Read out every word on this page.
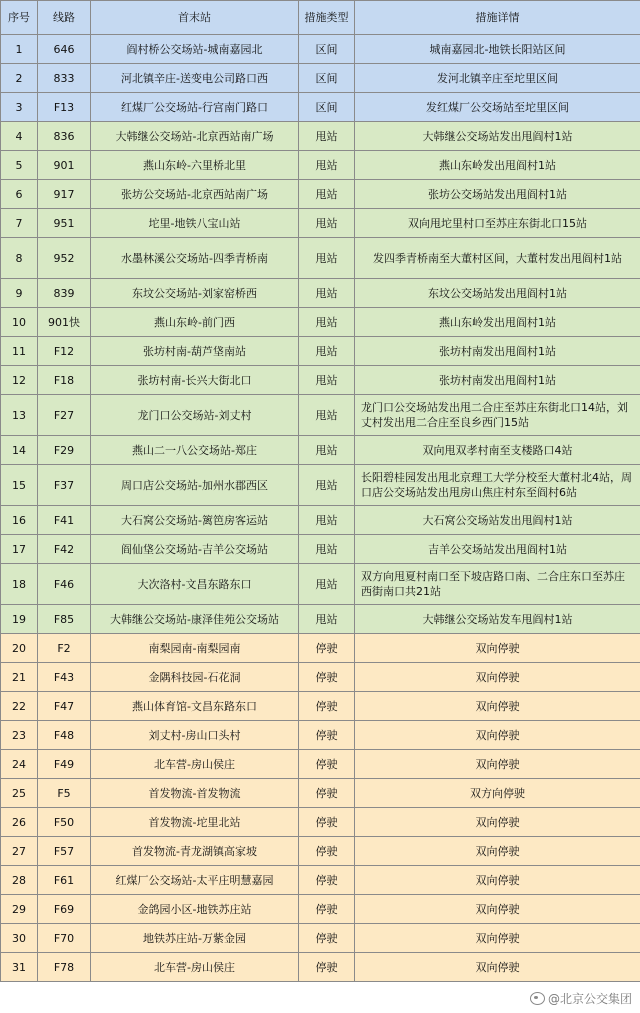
序号	线路	首末站	措施类型	措施详情
1	646	阎村桥公交场站-城南嘉园北	区间	城南嘉园北-地铁长阳站区间
2	833	河北镇辛庄-送变电公司路口西	区间	发河北镇辛庄至坨里区间
3	F13	红煤厂公交场站-行宫南门路口	区间	发红煤厂公交场站至坨里区间
4	836	大韩继公交场站-北京西站南广场	甩站	大韩继公交场站发出甩阎村1站
5	901	燕山东岭-六里桥北里	甩站	燕山东岭发出甩阎村1站
6	917	张坊公交场站-北京西站南广场	甩站	张坊公交场站发出甩阎村1站
7	951	坨里-地铁八宝山站	甩站	双向甩坨里村口至苏庄东街北口15站
8	952	水墨林溪公交场站-四季青桥南	甩站	发四季青桥南至大董村区间，大董村发出甩阎村1站
9	839	东坟公交场站-刘家窑桥西	甩站	东坟公交场站发出甩阎村1站
10	901快	燕山东岭-前门西	甩站	燕山东岭发出甩阎村1站
11	F12	张坊村南-葫芦垡南站	甩站	张坊村南发出甩阎村1站
12	F18	张坊村南-长兴大街北口	甩站	张坊村南发出甩阎村1站
13	F27	龙门口公交场站-刘丈村	甩站	龙门口公交场站发出甩二合庄至苏庄东街北口14站，刘丈村发出甩二合庄至良乡西门15站
14	F29	燕山二一八公交场站-郑庄	甩站	双向甩双孝村南至支楼路口4站
15	F37	周口店公交场站-加州水郡西区	甩站	长阳碧桂园发出甩北京理工大学分校至大董村北4站，周口店公交场站发出甩房山焦庄村东至阎村6站
16	F41	大石窝公交场站-篱笆房客运站	甩站	大石窝公交场站发出甩阎村1站
17	F42	阎仙垡公交场站-吉羊公交场站	甩站	吉羊公交场站发出甩阎村1站
18	F46	大次洛村-文昌东路东口	甩站	双方向甩夏村南口至下坡店路口南、二合庄东口至苏庄西街南口共21站
19	F85	大韩继公交场站-康泽佳苑公交场站	甩站	大韩继公交场站发车甩阎村1站
20	F2	南梨园南-南梨园南	停驶	双向停驶
21	F43	金隅科技园-石花洞	停驶	双向停驶
22	F47	燕山体育馆-文昌东路东口	停驶	双向停驶
23	F48	刘丈村-房山口头村	停驶	双向停驶
24	F49	北车营-房山侯庄	停驶	双向停驶
25	F5	首发物流-首发物流	停驶	双方向停驶
26	F50	首发物流-坨里北站	停驶	双向停驶
27	F57	首发物流-青龙湖镇高家坡	停驶	双向停驶
28	F61	红煤厂公交场站-太平庄明慧嘉园	停驶	双向停驶
29	F69	金鸽园小区-地铁苏庄站	停驶	双向停驶
30	F70	地铁苏庄站-万紫金园	停驶	双向停驶
31	F78	北车营-房山侯庄	停驶	双向停驶
@北京公交集团
